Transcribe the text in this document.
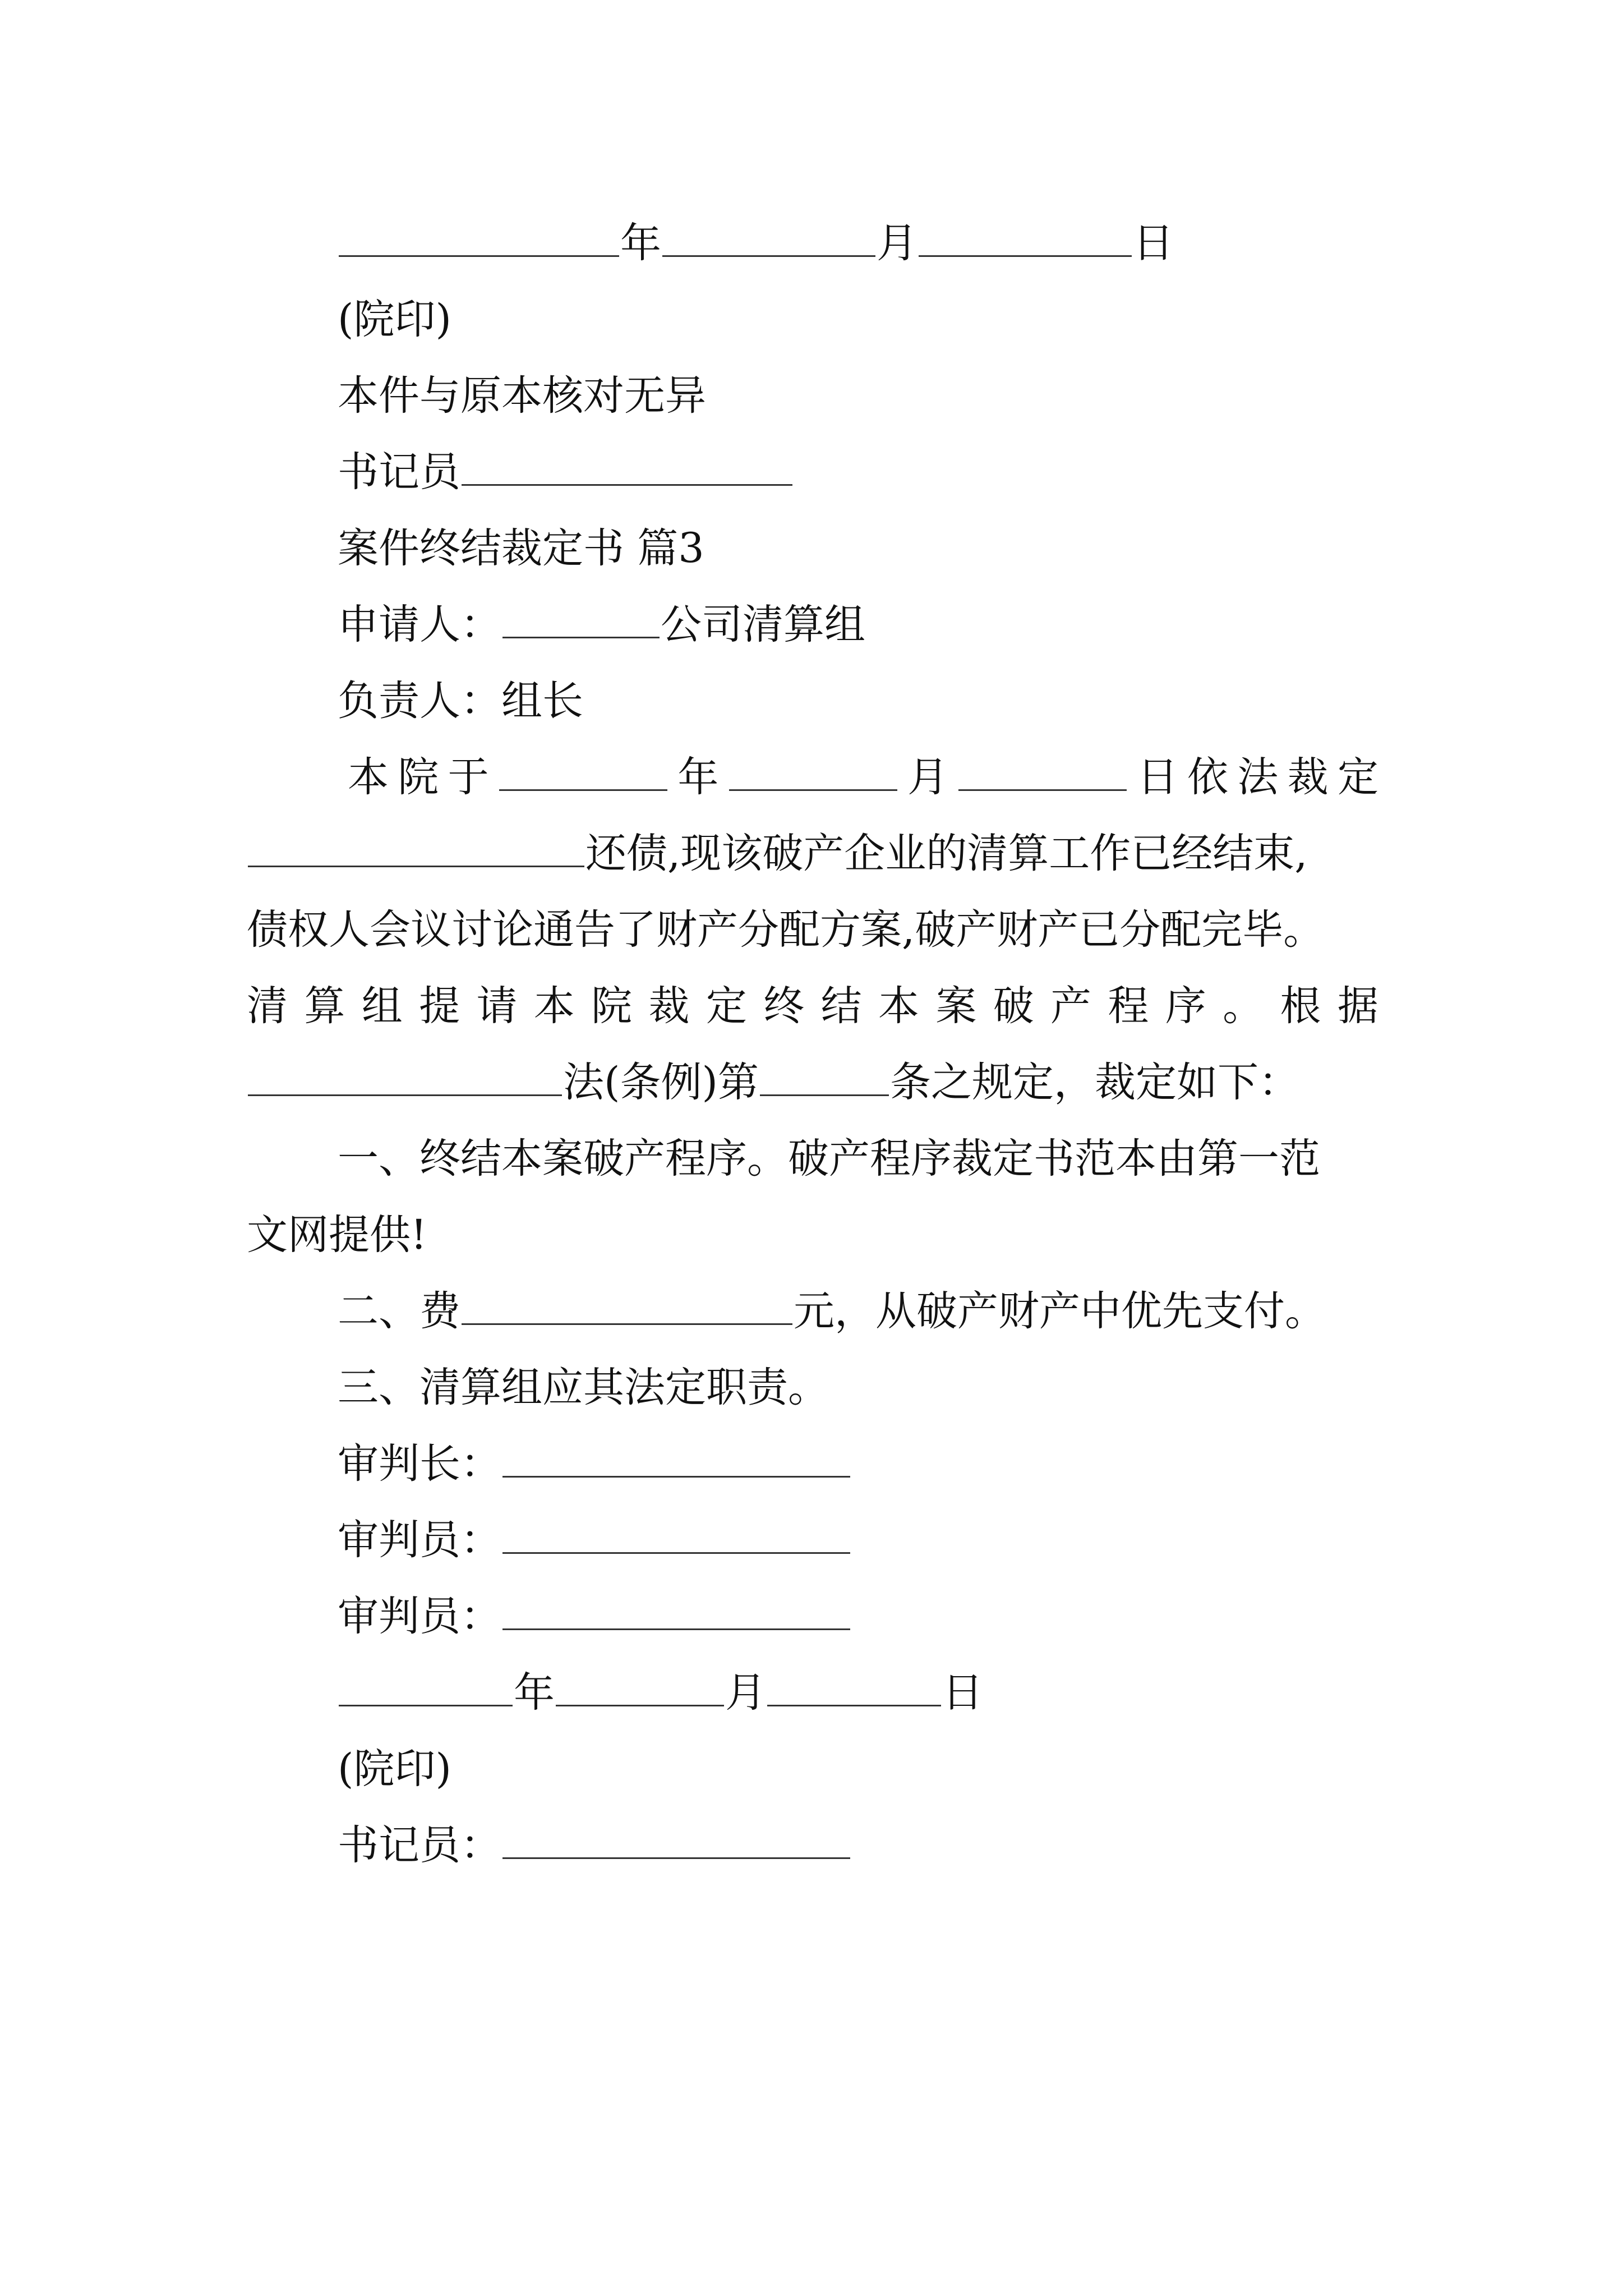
年	月	日
(院印)
本件与原本核对无异
书记员
案件终结裁定书 篇3
申请人：	公司清算组
负责人：组长
本 院 于	年	月	日 依 法 裁 定
还债,现该破产企业的清算工作已经结束,
债权人会议讨论通告了财产分配方案,破产财产已分配完毕。
清 算 组 提 请 本 院 裁 定 终 结 本 案 破 产 程 序 。 根 据
法(条例)第	条之规定，裁定如下：
一、终结本案破产程序。破产程序裁定书范本由第一范
文网提供!
二、费	元，从破产财产中优先支付。
三、清算组应其法定职责。
审判长：
审判员：
审判员：
年	月	日
(院印)
书记员：
